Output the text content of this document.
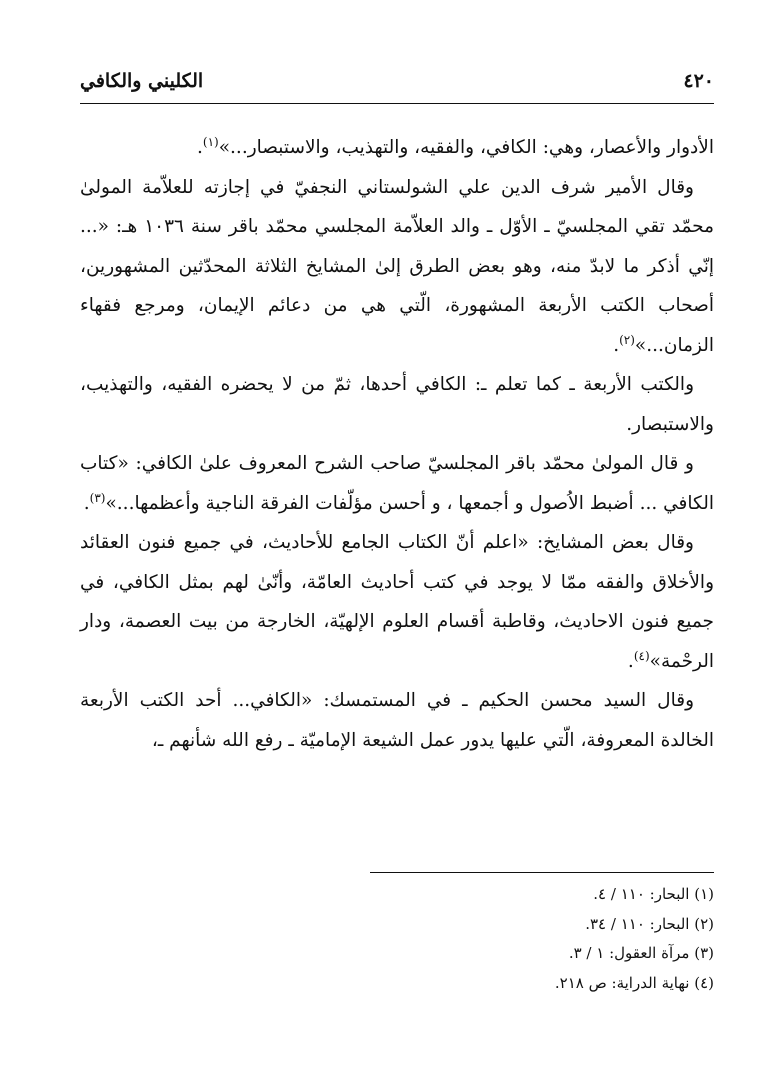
٤٢٠
الكليني والكافي

الأدوار والأعصار، وهي: الكافي، والفقيه، والتهذيب، والاستبصار...»$^{(١)}$.

وقال الأمير شرف الدين علي الشولستاني النجفيّ في إجازته للعلاّمة المولىٰ محمّد تقي المجلسيّ ـ الأوّل ـ والد العلاّمة المجلسي محمّد باقر سنة ١٠٣٦ هـ: «... إنّي أذكر ما لابدّ منه، وهو بعض الطرق إلىٰ المشايخ الثلاثة المحدّثين المشهورين، أصحاب الكتب الأربعة المشهورة، الّتي هي من دعائم الإيمان، ومرجع فقهاء الزمان...»$^{(٢)}$.

والكتب الأربعة ـ كما تعلم ـ: الكافي أحدها، ثمّ من لا يحضره الفقيه، والتهذيب، والاستبصار.

و قال المولىٰ محمّد باقر المجلسيّ صاحب الشرح المعروف علىٰ الكافي: «كتاب الكافي ... أضبط الاُصول و أجمعها ، و أحسن مؤلّفات الفرقة الناجية وأعظمها...»$^{(٣)}$.

وقال بعض المشايخ: «اعلم أنّ الكتاب الجامع للأحاديث، في جميع فنون العقائد والأخلاق والفقه ممّا لا يوجد في كتب أحاديث العامّة، وأنّىٰ لهم بمثل الكافي، في جميع فنون الاحاديث، وقاطبة أقسام العلوم الإلهيّة، الخارجة من بيت العصمة، ودار الرحْمة»$^{(٤)}$.

وقال السيد محسن الحكيم ـ في المستمسك: «الكافي... أحد الكتب الأربعة الخالدة المعروفة، الّتي عليها يدور عمل الشيعة الإماميّة ـ رفع الله شأنهم ـ،

(١) البحار: ١١٠ / ٤.

(٢) البحار: ١١٠ / ٣٤.

(٣) مرآة العقول: ١ / ٣.

(٤) نهاية الدراية: ص ٢١٨.
